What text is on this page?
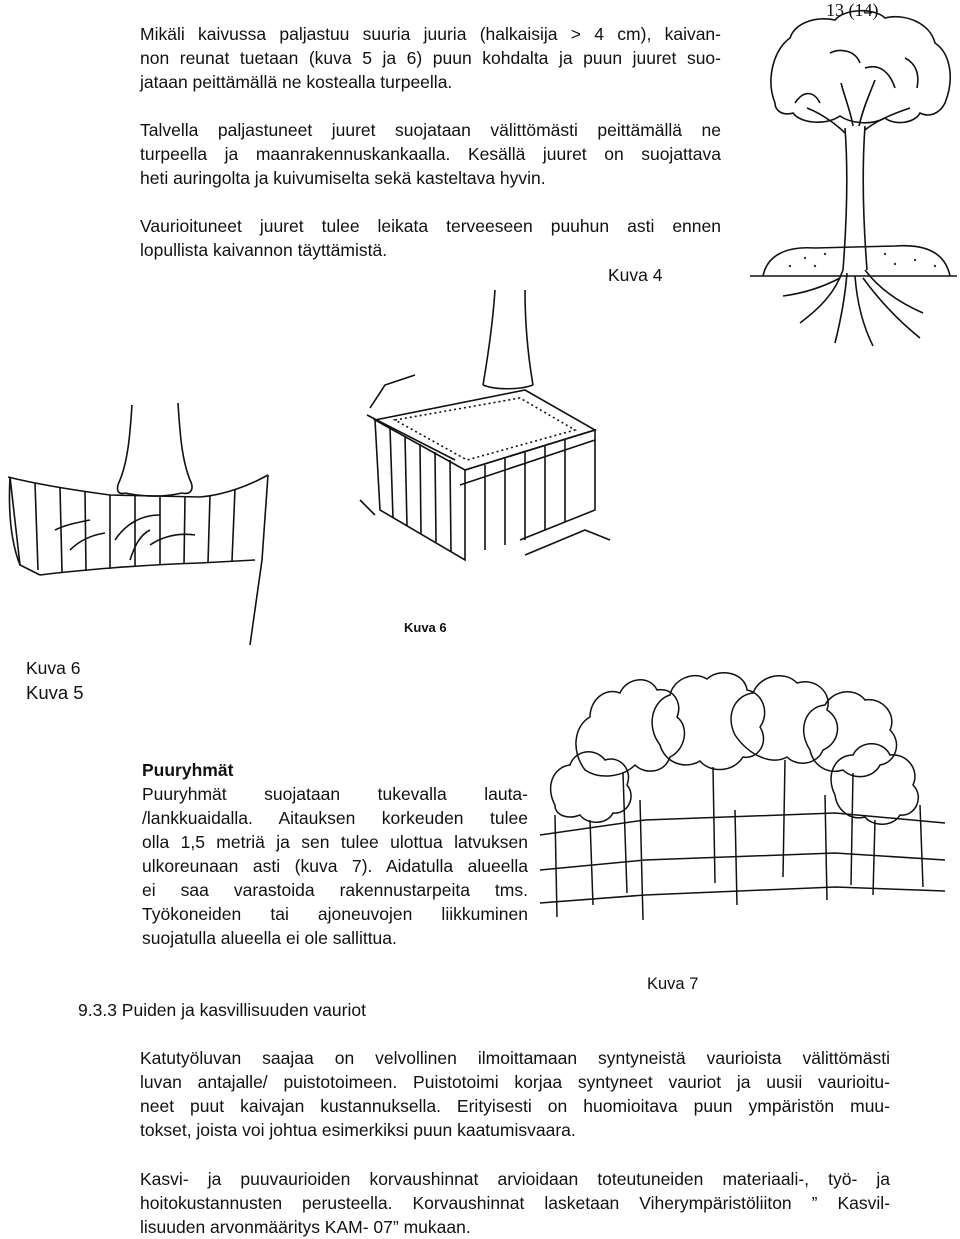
13 (14)
Mikäli kaivussa paljastuu suuria juuria (halkaisija > 4 cm), kaivan-
non reunat tuetaan (kuva 5 ja 6) puun kohdalta ja puun juuret suo-
jataan peittämällä ne kostealla turpeella.
Talvella paljastuneet juuret suojataan välittömästi peittämällä ne
turpeella ja maanrakennuskankaalla. Kesällä juuret on suojattava
heti auringolta ja kuivumiselta sekä kasteltava hyvin.
Vaurioituneet juuret tulee leikata terveeseen puuhun asti ennen
lopullista kaivannon täyttämistä.
Kuva 4
Kuva 6
Kuva 6
Kuva 5
Puuryhmät
Puuryhmät suojataan tukevalla lauta-
/lankkuaidalla. Aitauksen korkeuden tulee
olla 1,5 metriä ja sen tulee ulottua latvuksen
ulkoreunaan asti (kuva 7). Aidatulla alueella
ei saa varastoida rakennustarpeita tms.
Työkoneiden tai ajoneuvojen liikkuminen
suojatulla alueella ei ole sallittua.
Kuva 7
9.3.3 Puiden ja kasvillisuuden vauriot
Katutyöluvan saajaa on velvollinen ilmoittamaan syntyneistä vaurioista välittömästi
luvan antajalle/ puistotoimeen. Puistotoimi korjaa syntyneet vauriot ja uusii vaurioitu-
neet puut kaivajan kustannuksella. Erityisesti on huomioitava puun ympäristön muu-
tokset, joista voi johtua esimerkiksi puun kaatumisvaara.
Kasvi- ja puuvaurioiden korvaushinnat arvioidaan toteutuneiden materiaali-, työ- ja
hoitokustannusten perusteella. Korvaushinnat lasketaan Viherympäristöliiton ” Kasvil-
lisuuden arvonmääritys KAM- 07” mukaan.
